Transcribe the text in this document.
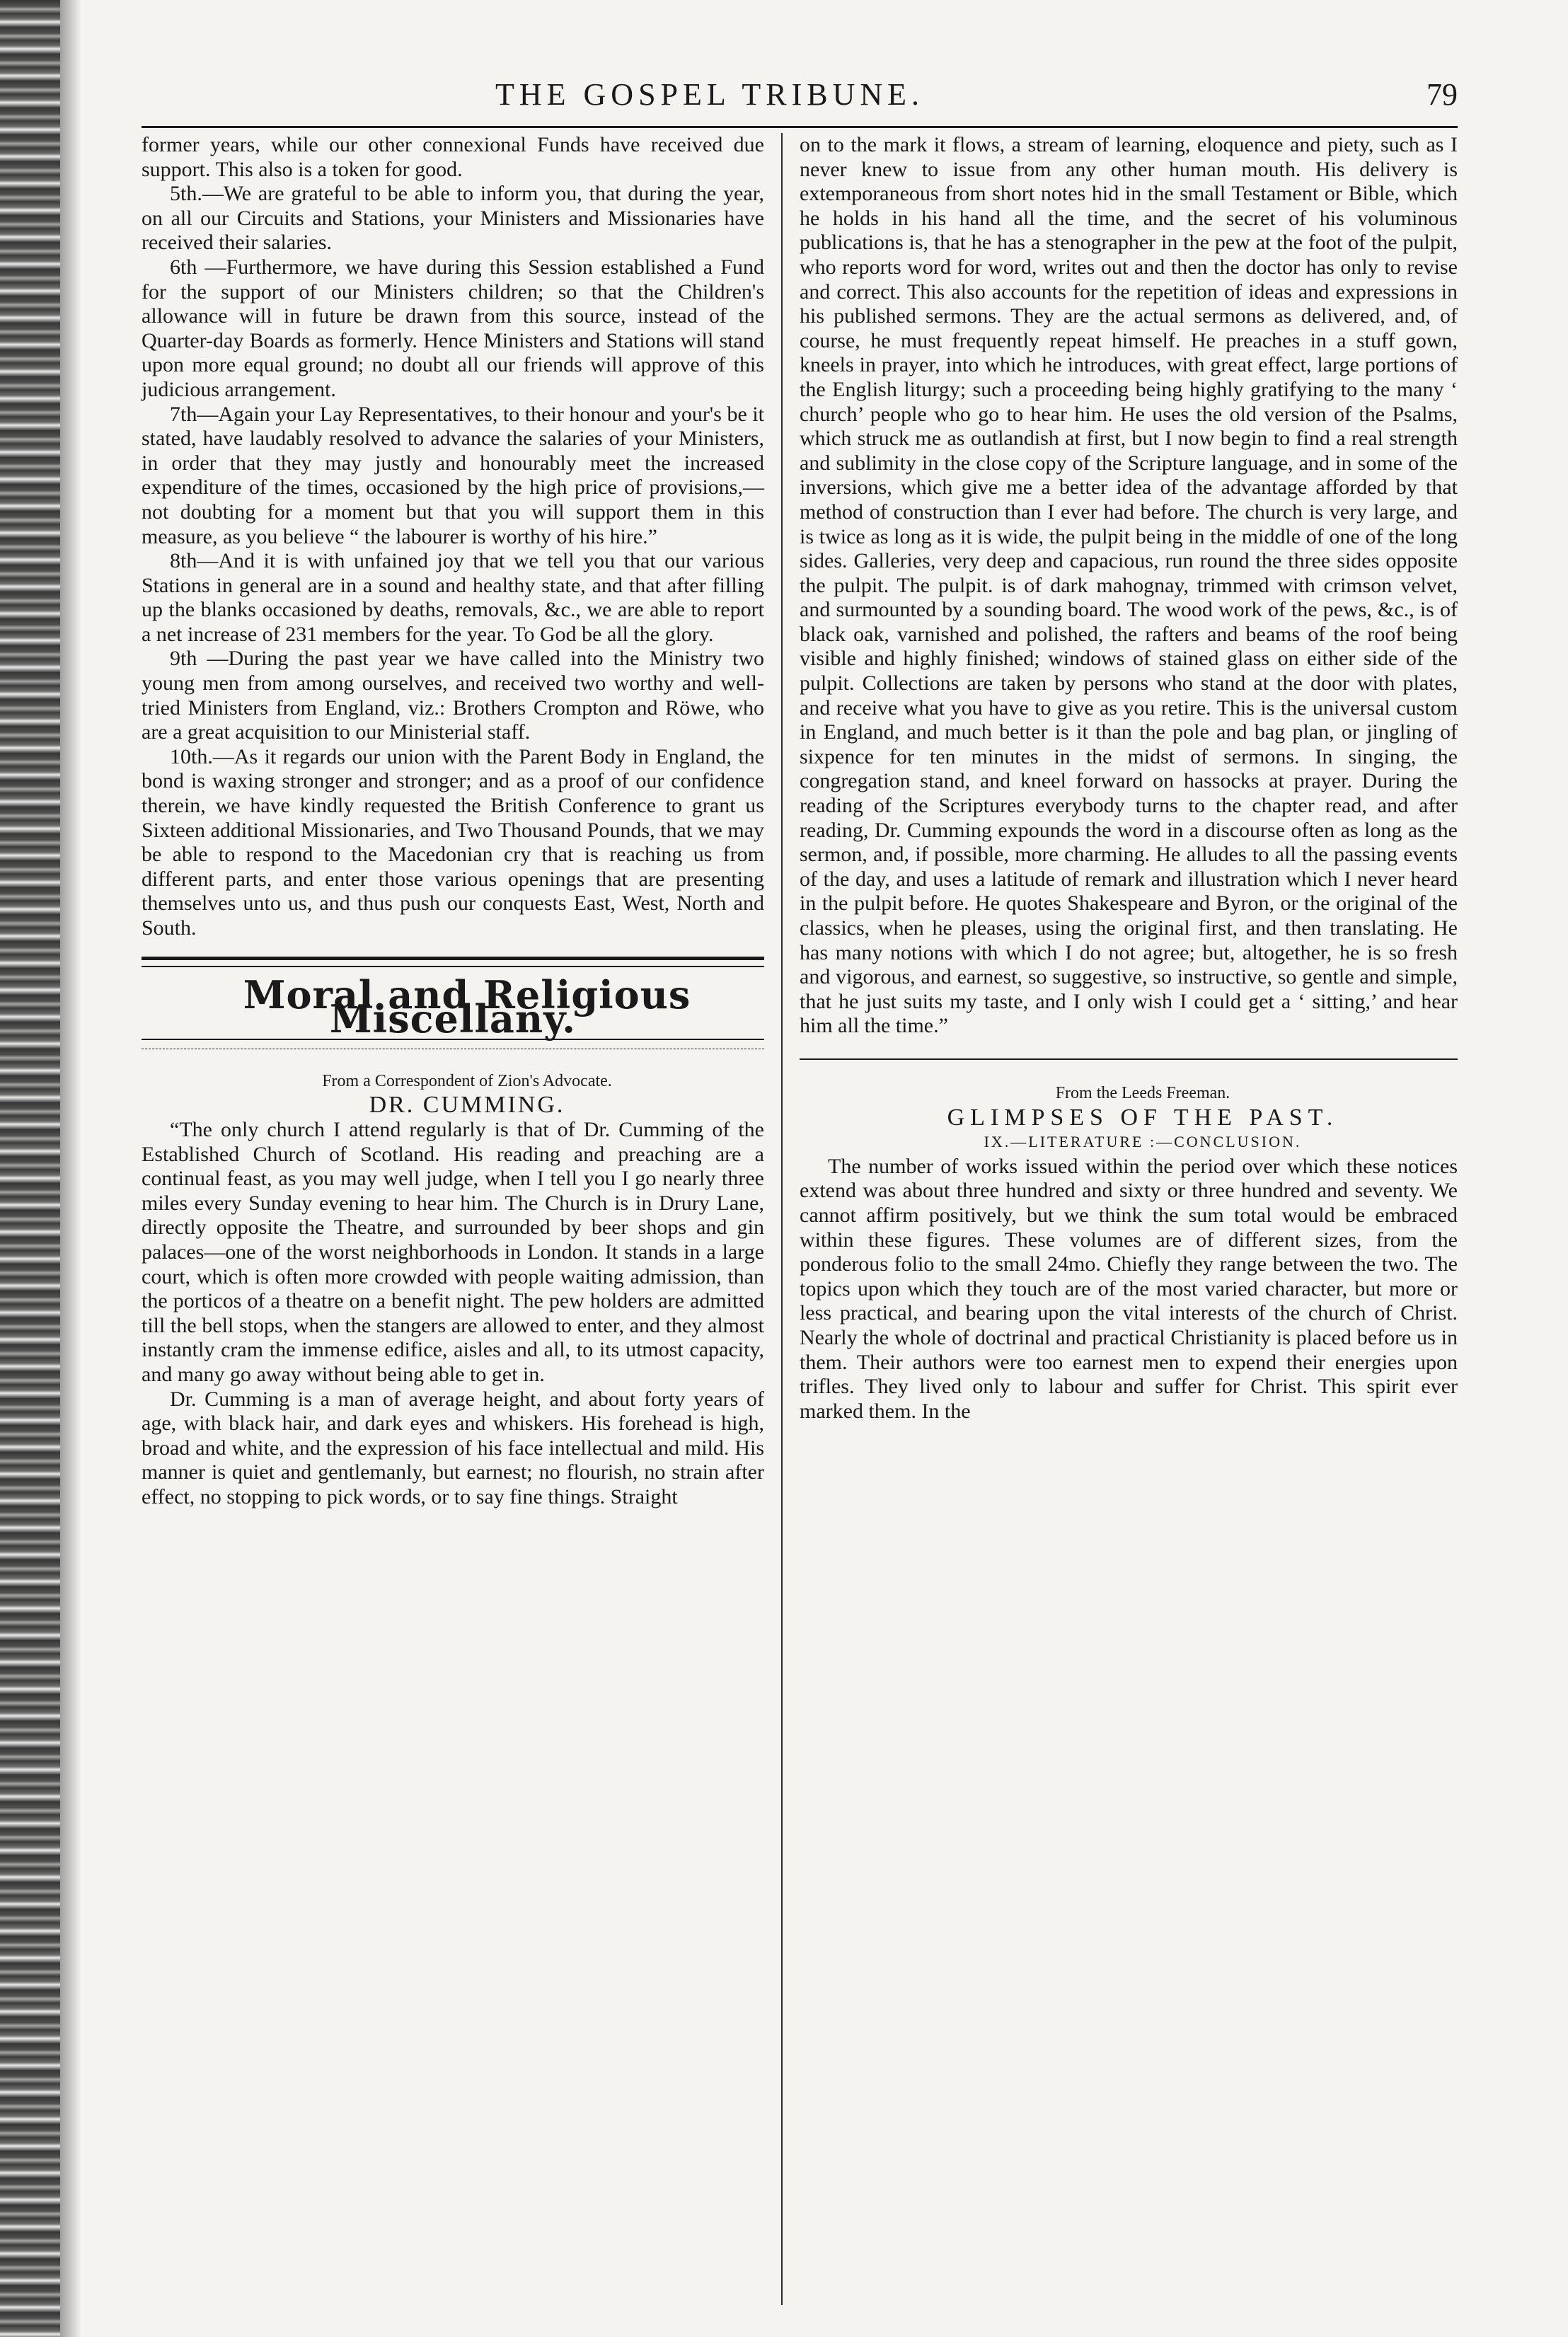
THE GOSPEL TRIBUNE.	79

former years, while our other connexional Funds have received due support. This also is a token for good.

5th.—We are grateful to be able to inform you, that during the year, on all our Circuits and Stations, your Ministers and Missionaries have received their salaries.

6th —Furthermore, we have during this Session established a Fund for the support of our Ministers children; so that the Children's allowance will in future be drawn from this source, instead of the Quarter-day Boards as formerly. Hence Ministers and Stations will stand upon more equal ground; no doubt all our friends will approve of this judicious arrangement.

7th—Again your Lay Representatives, to their honour and your's be it stated, have laudably resolved to advance the salaries of your Ministers, in order that they may justly and honourably meet the increased expenditure of the times, occasioned by the high price of provisions,—not doubting for a moment but that you will support them in this measure, as you believe “ the labourer is worthy of his hire.”

8th—And it is with unfained joy that we tell you that our various Stations in general are in a sound and healthy state, and that after filling up the blanks occasioned by deaths, removals, &c., we are able to report a net increase of 231 members for the year. To God be all the glory.

9th —During the past year we have called into the Ministry two young men from among ourselves, and received two worthy and well-tried Ministers from England, viz.: Brothers Crompton and Röwe, who are a great acquisition to our Ministerial staff.

10th.—As it regards our union with the Parent Body in England, the bond is waxing stronger and stronger; and as a proof of our confidence therein, we have kindly requested the British Conference to grant us Sixteen additional Missionaries, and Two Thousand Pounds, that we may be able to respond to the Macedonian cry that is reaching us from different parts, and enter those various openings that are presenting themselves unto us, and thus push our conquests East, West, North and South.

Moral and Religious Miscellany.

From a Correspondent of Zion's Advocate.

DR. CUMMING.

“The only church I attend regularly is that of Dr. Cumming of the Established Church of Scotland. His reading and preaching are a continual feast, as you may well judge, when I tell you I go nearly three miles every Sunday evening to hear him. The Church is in Drury Lane, directly opposite the Theatre, and surrounded by beer shops and gin palaces—one of the worst neighborhoods in London. It stands in a large court, which is often more crowded with people waiting admission, than the porticos of a theatre on a benefit night. The pew holders are admitted till the bell stops, when the stangers are allowed to enter, and they almost instantly cram the immense edifice, aisles and all, to its utmost capacity, and many go away without being able to get in.

Dr. Cumming is a man of average height, and about forty years of age, with black hair, and dark eyes and whiskers. His forehead is high, broad and white, and the expression of his face intellectual and mild. His manner is quiet and gentlemanly, but earnest; no flourish, no strain after effect, no stopping to pick words, or to say fine things. Straight

on to the mark it flows, a stream of learning, eloquence and piety, such as I never knew to issue from any other human mouth. His delivery is extemporaneous from short notes hid in the small Testament or Bible, which he holds in his hand all the time, and the secret of his voluminous publications is, that he has a stenographer in the pew at the foot of the pulpit, who reports word for word, writes out and then the doctor has only to revise and correct. This also accounts for the repetition of ideas and expressions in his published sermons. They are the actual sermons as delivered, and, of course, he must frequently repeat himself. He preaches in a stuff gown, kneels in prayer, into which he introduces, with great effect, large portions of the English liturgy; such a proceeding being highly gratifying to the many ‘ church’ people who go to hear him. He uses the old version of the Psalms, which struck me as outlandish at first, but I now begin to find a real strength and sublimity in the close copy of the Scripture language, and in some of the inversions, which give me a better idea of the advantage afforded by that method of construction than I ever had before. The church is very large, and is twice as long as it is wide, the pulpit being in the middle of one of the long sides. Galleries, very deep and capacious, run round the three sides opposite the pulpit. The pulpit. is of dark mahognay, trimmed with crimson velvet, and surmounted by a sounding board. The wood work of the pews, &c., is of black oak, varnished and polished, the rafters and beams of the roof being visible and highly finished; windows of stained glass on either side of the pulpit. Collections are taken by persons who stand at the door with plates, and receive what you have to give as you retire. This is the universal custom in England, and much better is it than the pole and bag plan, or jingling of sixpence for ten minutes in the midst of sermons. In singing, the congregation stand, and kneel forward on hassocks at prayer. During the reading of the Scriptures everybody turns to the chapter read, and after reading, Dr. Cumming expounds the word in a discourse often as long as the sermon, and, if possible, more charming. He alludes to all the passing events of the day, and uses a latitude of remark and illustration which I never heard in the pulpit before. He quotes Shakespeare and Byron, or the original of the classics, when he pleases, using the original first, and then translating. He has many notions with which I do not agree; but, altogether, he is so fresh and vigorous, and earnest, so suggestive, so instructive, so gentle and simple, that he just suits my taste, and I only wish I could get a ‘ sitting,’ and hear him all the time.”

From the Leeds Freeman.

GLIMPSES OF THE PAST.

IX.—LITERATURE :—CONCLUSION.

The number of works issued within the period over which these notices extend was about three hundred and sixty or three hundred and seventy. We cannot affirm positively, but we think the sum total would be embraced within these figures. These volumes are of different sizes, from the ponderous folio to the small 24mo. Chiefly they range between the two. The topics upon which they touch are of the most varied character, but more or less practical, and bearing upon the vital interests of the church of Christ. Nearly the whole of doctrinal and practical Christianity is placed before us in them. Their authors were too earnest men to expend their energies upon trifles. They lived only to labour and suffer for Christ. This spirit ever marked them. In the
